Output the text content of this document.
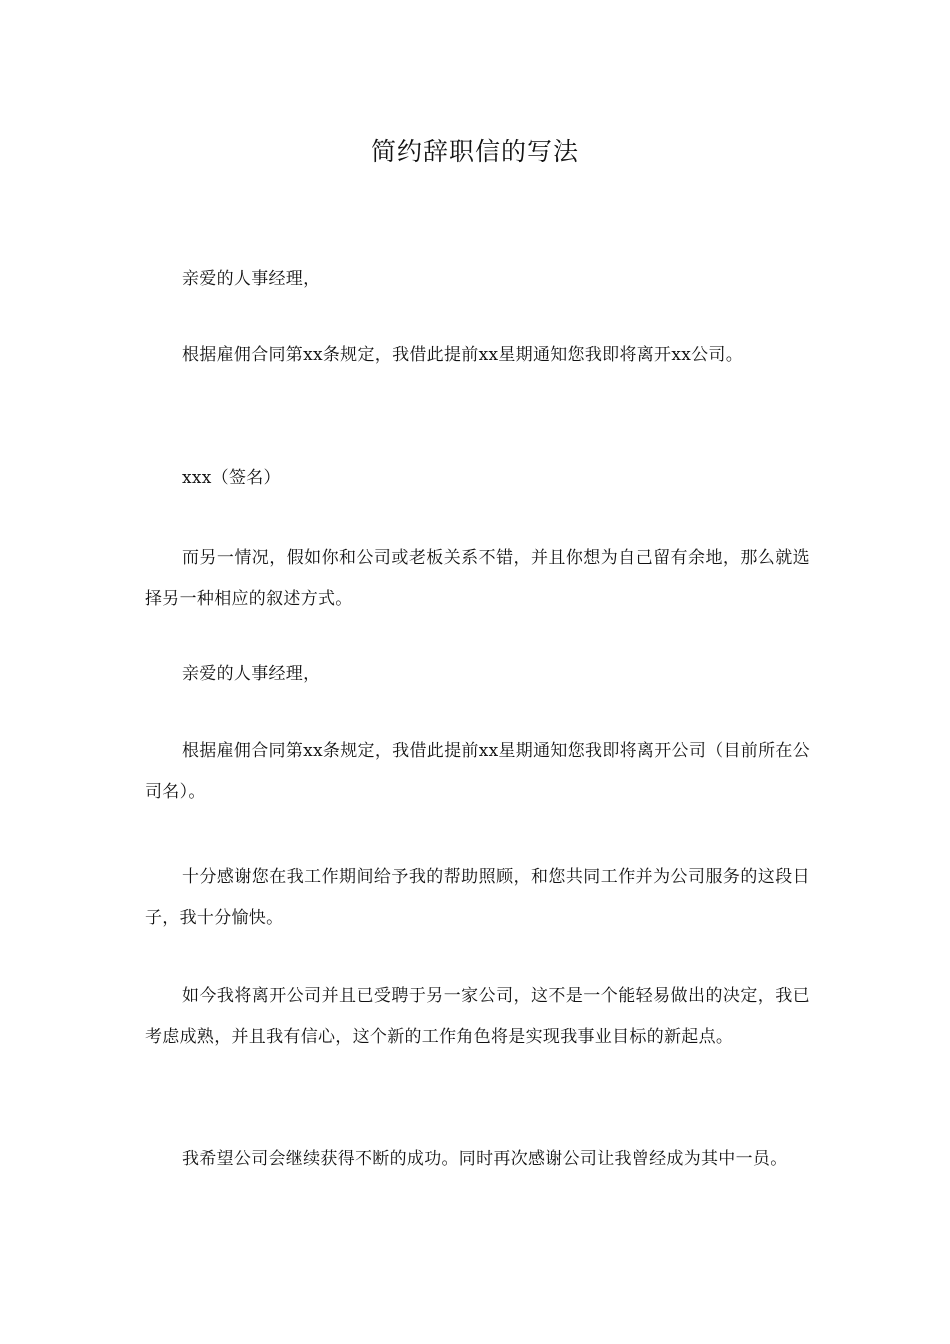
简约辞职信的写法
亲爱的人事经理，
根据雇佣合同第xx条规定，我借此提前xx星期通知您我即将离开xx公司。
xxx（签名）
而另一情况，假如你和公司或老板关系不错，并且你想为自己留有余地，那么就选择另一种相应的叙述方式。
亲爱的人事经理，
根据雇佣合同第xx条规定，我借此提前xx星期通知您我即将离开公司（目前所在公司名）。
十分感谢您在我工作期间给予我的帮助照顾，和您共同工作并为公司服务的这段日子，我十分愉快。
如今我将离开公司并且已受聘于另一家公司，这不是一个能轻易做出的决定，我已考虑成熟，并且我有信心，这个新的工作角色将是实现我事业目标的新起点。
我希望公司会继续获得不断的成功。同时再次感谢公司让我曾经成为其中一员。
